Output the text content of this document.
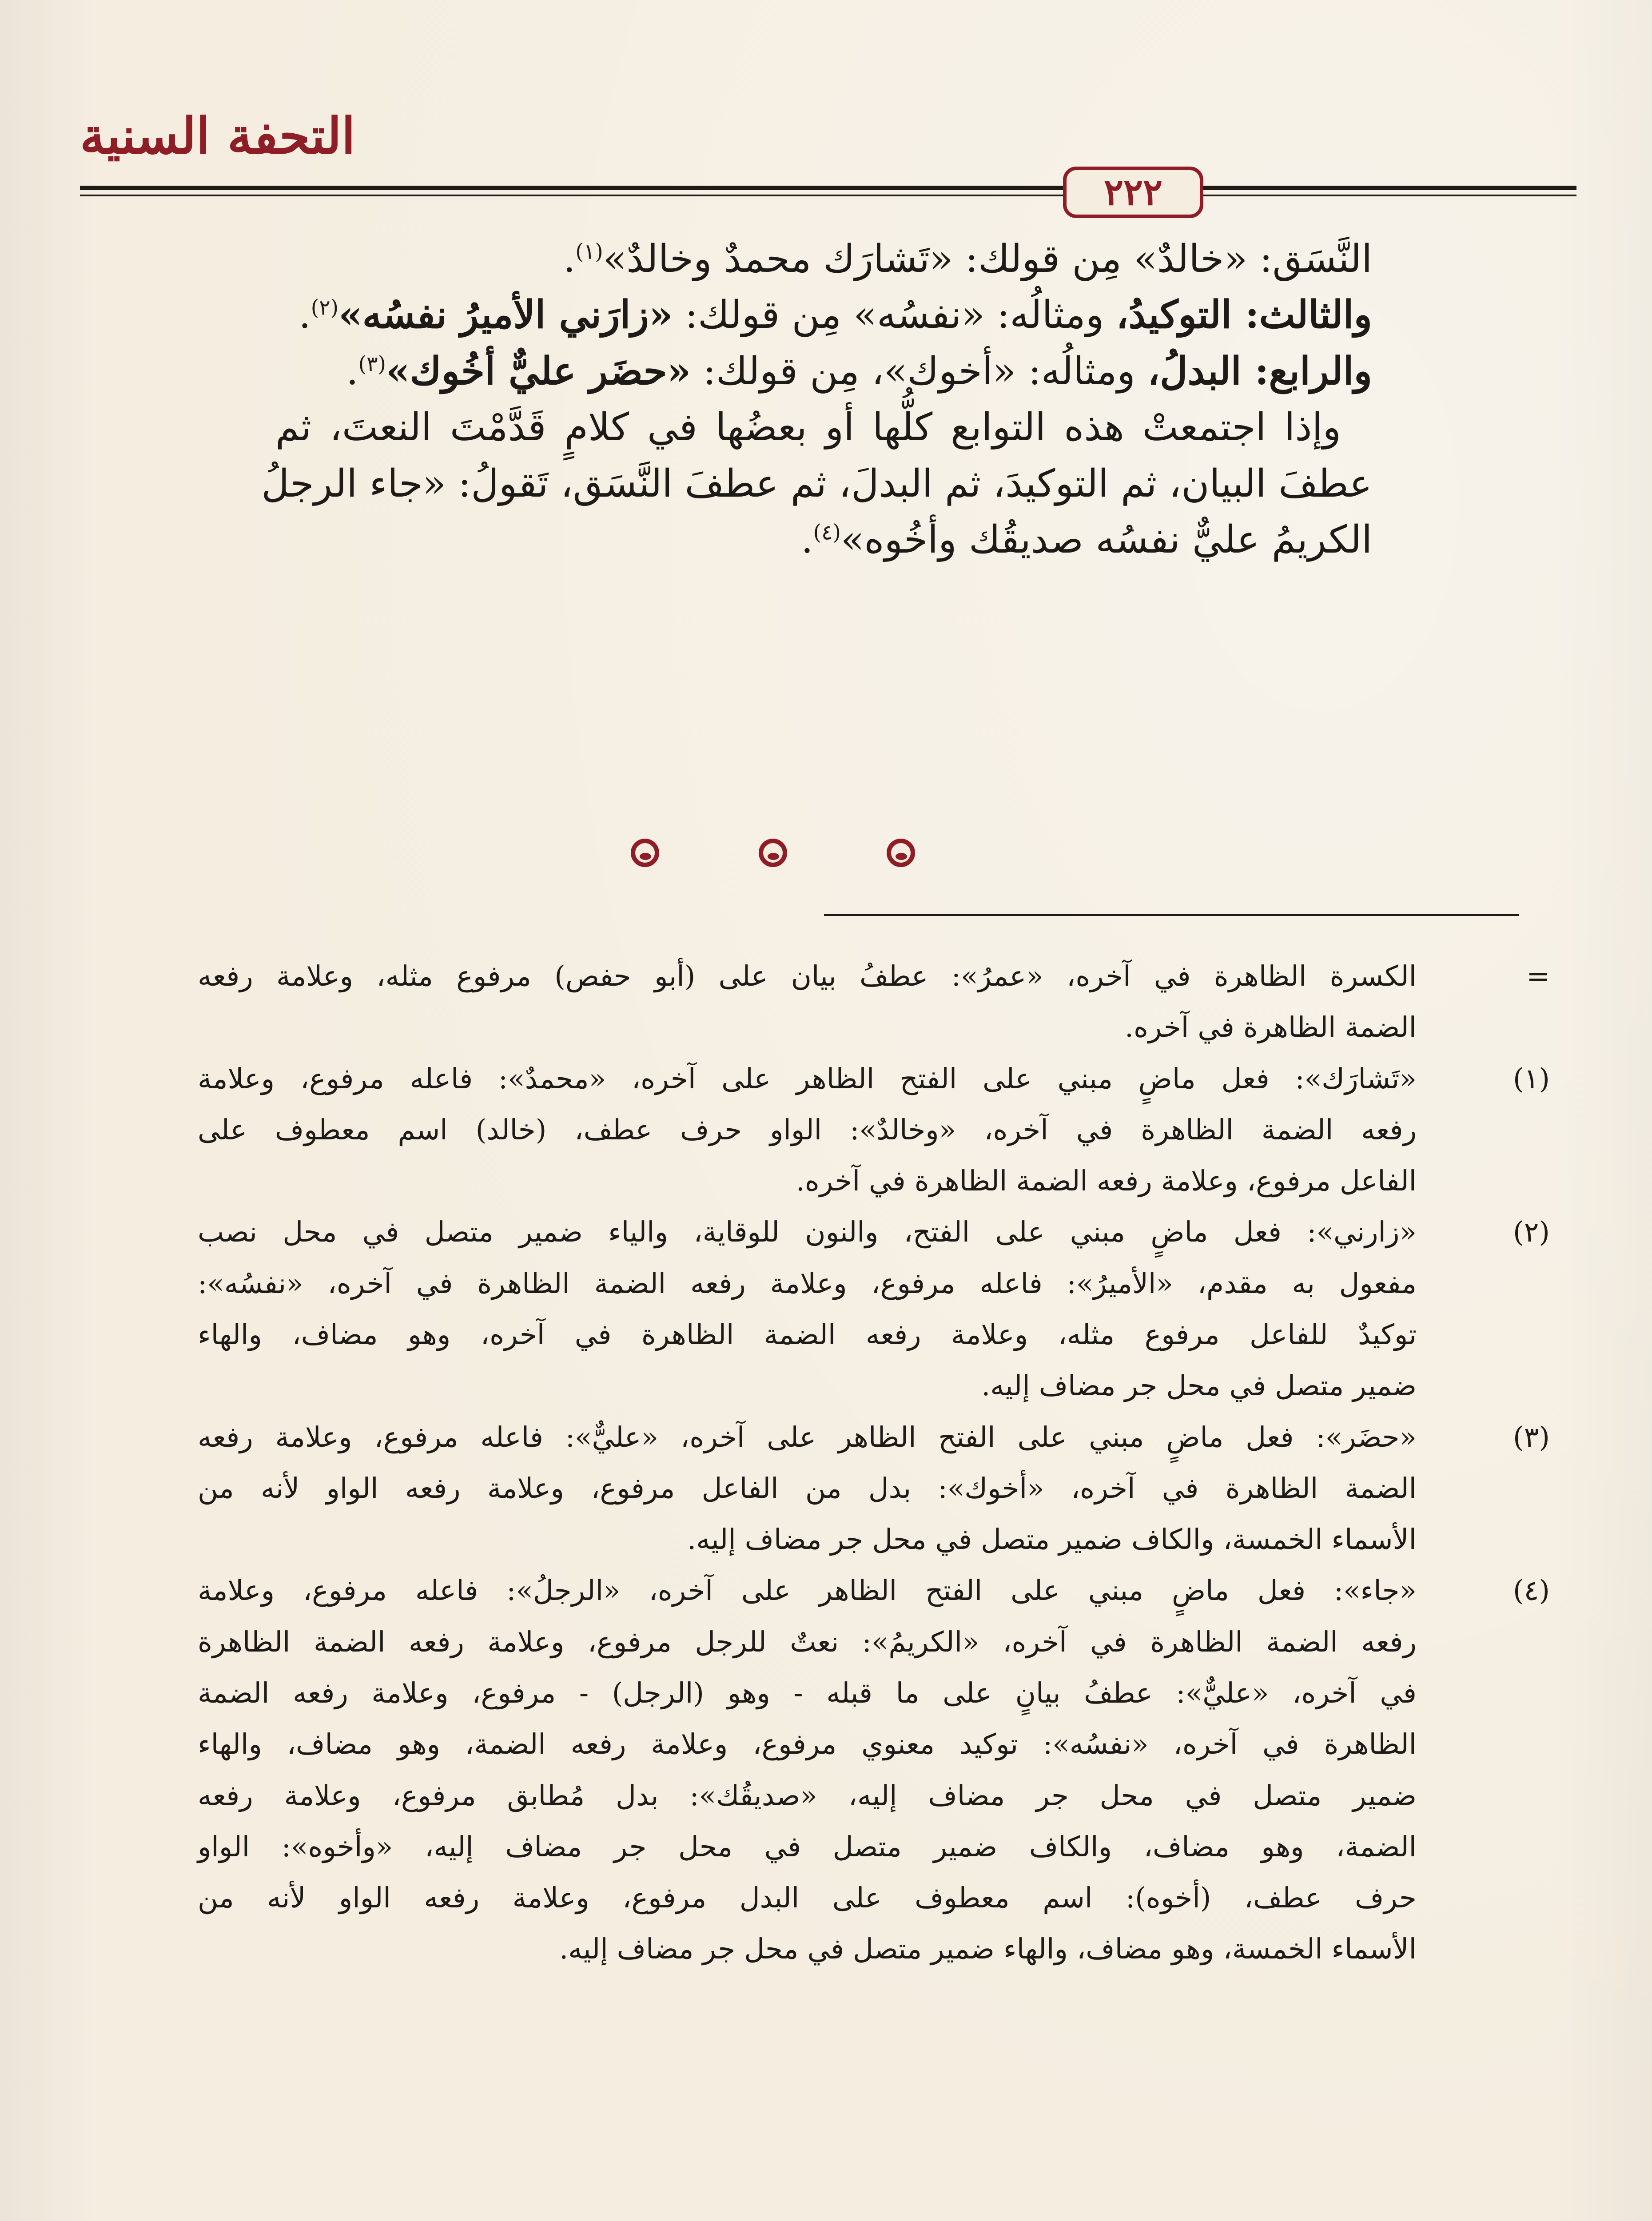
التحفة السنية
٢٢٢

النَّسَق: «خالدٌ» مِن قولك: «تَشارَك محمدٌ وخالدٌ»$^{(١)}$.

والثالث: التوكيدُ، ومثالُه: «نفسُه» مِن قولك: «زارَني الأميرُ نفسُه»$^{(٢)}$.

والرابع: البدلُ، ومثالُه: «أخوك»، مِن قولك: «حضَر عليٌّ أخُوك»$^{(٣)}$.

وإذا اجتمعتْ هذه التوابع كلُّها أو بعضُها في كلامٍ قَدَّمْتَ النعتَ، ثم

عطفَ البيان، ثم التوكيدَ، ثم البدلَ، ثم عطفَ النَّسَق، تَقولُ: «جاء الرجلُ

الكريمُ عليٌّ نفسُه صديقُك وأخُوه»$^{(٤)}$.

=

الكسرة الظاهرة في آخره، «عمرُ»: عطفُ بيان على (أبو حفص) مرفوع مثله، وعلامة رفعه

الضمة الظاهرة في آخره.

(١)

«تَشارَك»: فعل ماضٍ مبني على الفتح الظاهر على آخره، «محمدٌ»: فاعله مرفوع، وعلامة

رفعه الضمة الظاهرة في آخره، «وخالدٌ»: الواو حرف عطف، (خالد) اسم معطوف على

الفاعل مرفوع، وعلامة رفعه الضمة الظاهرة في آخره.

(٢)

«زارني»: فعل ماضٍ مبني على الفتح، والنون للوقاية، والياء ضمير متصل في محل نصب

مفعول به مقدم، «الأميرُ»: فاعله مرفوع، وعلامة رفعه الضمة الظاهرة في آخره، «نفسُه»:

توكيدٌ للفاعل مرفوع مثله، وعلامة رفعه الضمة الظاهرة في آخره، وهو مضاف، والهاء

ضمير متصل في محل جر مضاف إليه.

(٣)

«حضَر»: فعل ماضٍ مبني على الفتح الظاهر على آخره، «عليٌّ»: فاعله مرفوع، وعلامة رفعه

الضمة الظاهرة في آخره، «أخوك»: بدل من الفاعل مرفوع، وعلامة رفعه الواو لأنه من

الأسماء الخمسة، والكاف ضمير متصل في محل جر مضاف إليه.

(٤)

«جاء»: فعل ماضٍ مبني على الفتح الظاهر على آخره، «الرجلُ»: فاعله مرفوع، وعلامة

رفعه الضمة الظاهرة في آخره، «الكريمُ»: نعتٌ للرجل مرفوع، وعلامة رفعه الضمة الظاهرة

في آخره، «عليٌّ»: عطفُ بيانٍ على ما قبله - وهو (الرجل) - مرفوع، وعلامة رفعه الضمة

الظاهرة في آخره، «نفسُه»: توكيد معنوي مرفوع، وعلامة رفعه الضمة، وهو مضاف، والهاء

ضمير متصل في محل جر مضاف إليه، «صديقُك»: بدل مُطابق مرفوع، وعلامة رفعه

الضمة، وهو مضاف، والكاف ضمير متصل في محل جر مضاف إليه، «وأخوه»: الواو

حرف عطف، (أخوه): اسم معطوف على البدل مرفوع، وعلامة رفعه الواو لأنه من

الأسماء الخمسة، وهو مضاف، والهاء ضمير متصل في محل جر مضاف إليه.
